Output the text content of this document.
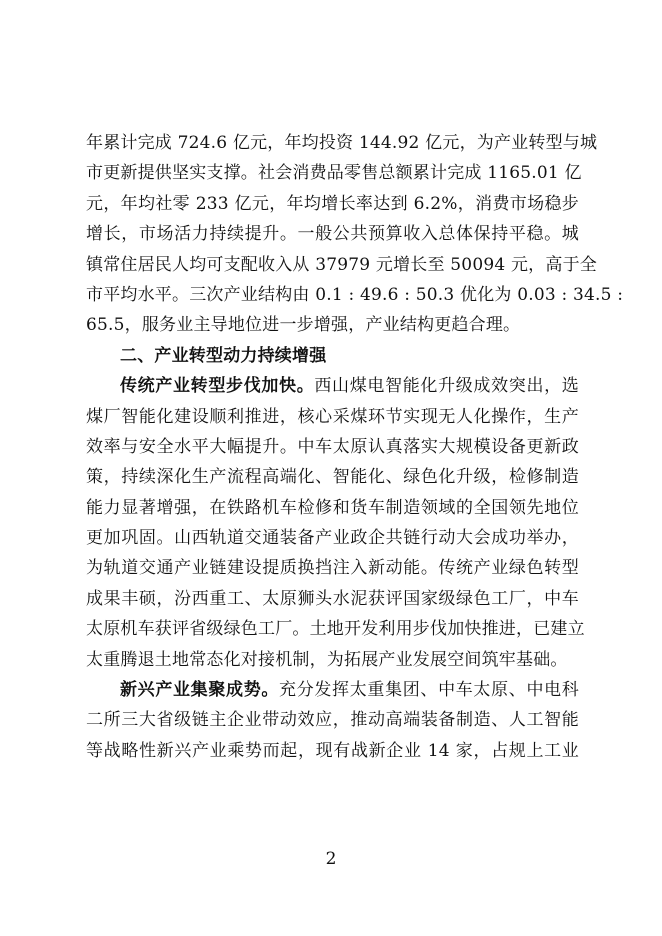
年累计完成 724.6 亿元，年均投资 144.92 亿元，为产业转型与城
市更新提供坚实支撑。社会消费品零售总额累计完成 1165.01 亿
元，年均社零 233 亿元，年均增长率达到 6.2%，消费市场稳步
增长，市场活力持续提升。一般公共预算收入总体保持平稳。城
镇常住居民人均可支配收入从 37979 元增长至 50094 元，高于全
市平均水平。三次产业结构由 0.1 : 49.6 : 50.3 优化为 0.03 : 34.5 :
65.5，服务业主导地位进一步增强，产业结构更趋合理。
二、产业转型动力持续增强
传统产业转型步伐加快。西山煤电智能化升级成效突出，选
煤厂智能化建设顺利推进，核心采煤环节实现无人化操作，生产
效率与安全水平大幅提升。中车太原认真落实大规模设备更新政
策，持续深化生产流程高端化、智能化、绿色化升级，检修制造
能力显著增强，在铁路机车检修和货车制造领域的全国领先地位
更加巩固。山西轨道交通装备产业政企共链行动大会成功举办，
为轨道交通产业链建设提质换挡注入新动能。传统产业绿色转型
成果丰硕，汾西重工、太原狮头水泥获评国家级绿色工厂，中车
太原机车获评省级绿色工厂。土地开发利用步伐加快推进，已建立
太重腾退土地常态化对接机制，为拓展产业发展空间筑牢基础。
新兴产业集聚成势。充分发挥太重集团、中车太原、中电科
二所三大省级链主企业带动效应，推动高端装备制造、人工智能
等战略性新兴产业乘势而起，现有战新企业 14 家，占规上工业
2
